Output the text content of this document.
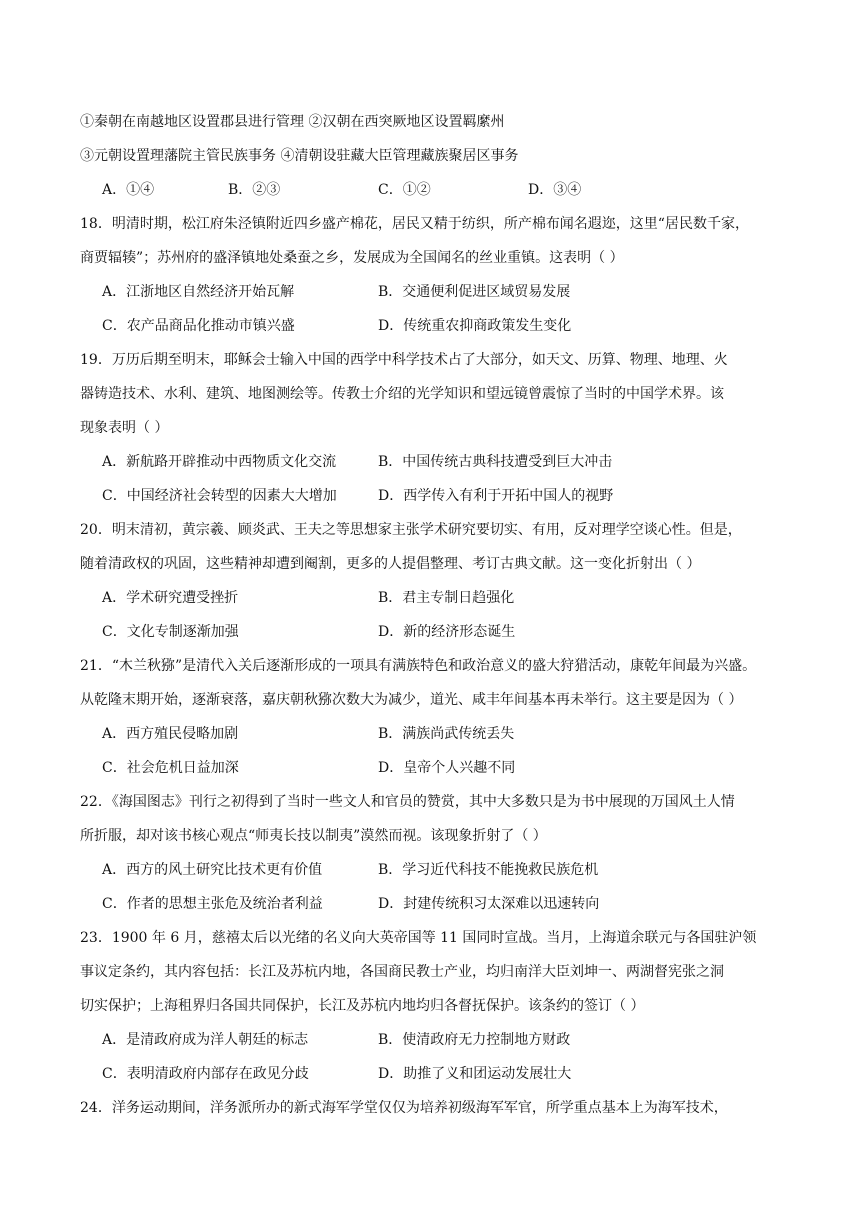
①秦朝在南越地区设置郡县进行管理 ②汉朝在西突厥地区设置羁縻州
③元朝设置理藩院主管民族事务 ④清朝设驻藏大臣管理藏族聚居区事务
A．①④	B．②③	C．①②	D．③④
18．明清时期，松江府朱泾镇附近四乡盛产棉花，居民又精于纺织，所产棉布闻名遐迩，这里“居民数千家，
商贾辐辏”；苏州府的盛泽镇地处桑蚕之乡，发展成为全国闻名的丝业重镇。这表明（ ）
A．江浙地区自然经济开始瓦解	B．交通便利促进区域贸易发展
C．农产品商品化推动市镇兴盛	D．传统重农抑商政策发生变化
19．万历后期至明末，耶稣会士输入中国的西学中科学技术占了大部分，如天文、历算、物理、地理、火
器铸造技术、水利、建筑、地图测绘等。传教士介绍的光学知识和望远镜曾震惊了当时的中国学术界。该
现象表明（ ）
A．新航路开辟推动中西物质文化交流	B．中国传统古典科技遭受到巨大冲击
C．中国经济社会转型的因素大大增加	D．西学传入有利于开拓中国人的视野
20．明末清初，黄宗羲、顾炎武、王夫之等思想家主张学术研究要切实、有用，反对理学空谈心性。但是，
随着清政权的巩固，这些精神却遭到阉割，更多的人提倡整理、考订古典文献。这一变化折射出（ ）
A．学术研究遭受挫折	B．君主专制日趋强化
C．文化专制逐渐加强	D．新的经济形态诞生
21．“木兰秋猕”是清代入关后逐渐形成的一项具有满族特色和政治意义的盛大狩猎活动，康乾年间最为兴盛。
从乾隆末期开始，逐渐衰落，嘉庆朝秋猕次数大为减少，道光、咸丰年间基本再未举行。这主要是因为（ ）
A．西方殖民侵略加剧	B．满族尚武传统丢失
C．社会危机日益加深	D．皇帝个人兴趣不同
22．《海国图志》刊行之初得到了当时一些文人和官员的赞赏，其中大多数只是为书中展现的万国风土人情
所折服，却对该书核心观点“师夷长技以制夷”漠然而视。该现象折射了（ ）
A．西方的风土研究比技术更有价值	B．学习近代科技不能挽救民族危机
C．作者的思想主张危及统治者利益	D．封建传统积习太深难以迅速转向
23．1900 年 6 月，慈禧太后以光绪的名义向大英帝国等 11 国同时宣战。当月，上海道余联元与各国驻沪领
事议定条约，其内容包括：长江及苏杭内地，各国商民教士产业，均归南洋大臣刘坤一、两湖督宪张之洞
切实保护；上海租界归各国共同保护，长江及苏杭内地均归各督抚保护。该条约的签订（ ）
A．是清政府成为洋人朝廷的标志	B．使清政府无力控制地方财政
C．表明清政府内部存在政见分歧	D．助推了义和团运动发展壮大
24．洋务运动期间，洋务派所办的新式海军学堂仅仅为培养初级海军军官，所学重点基本上为海军技术，
